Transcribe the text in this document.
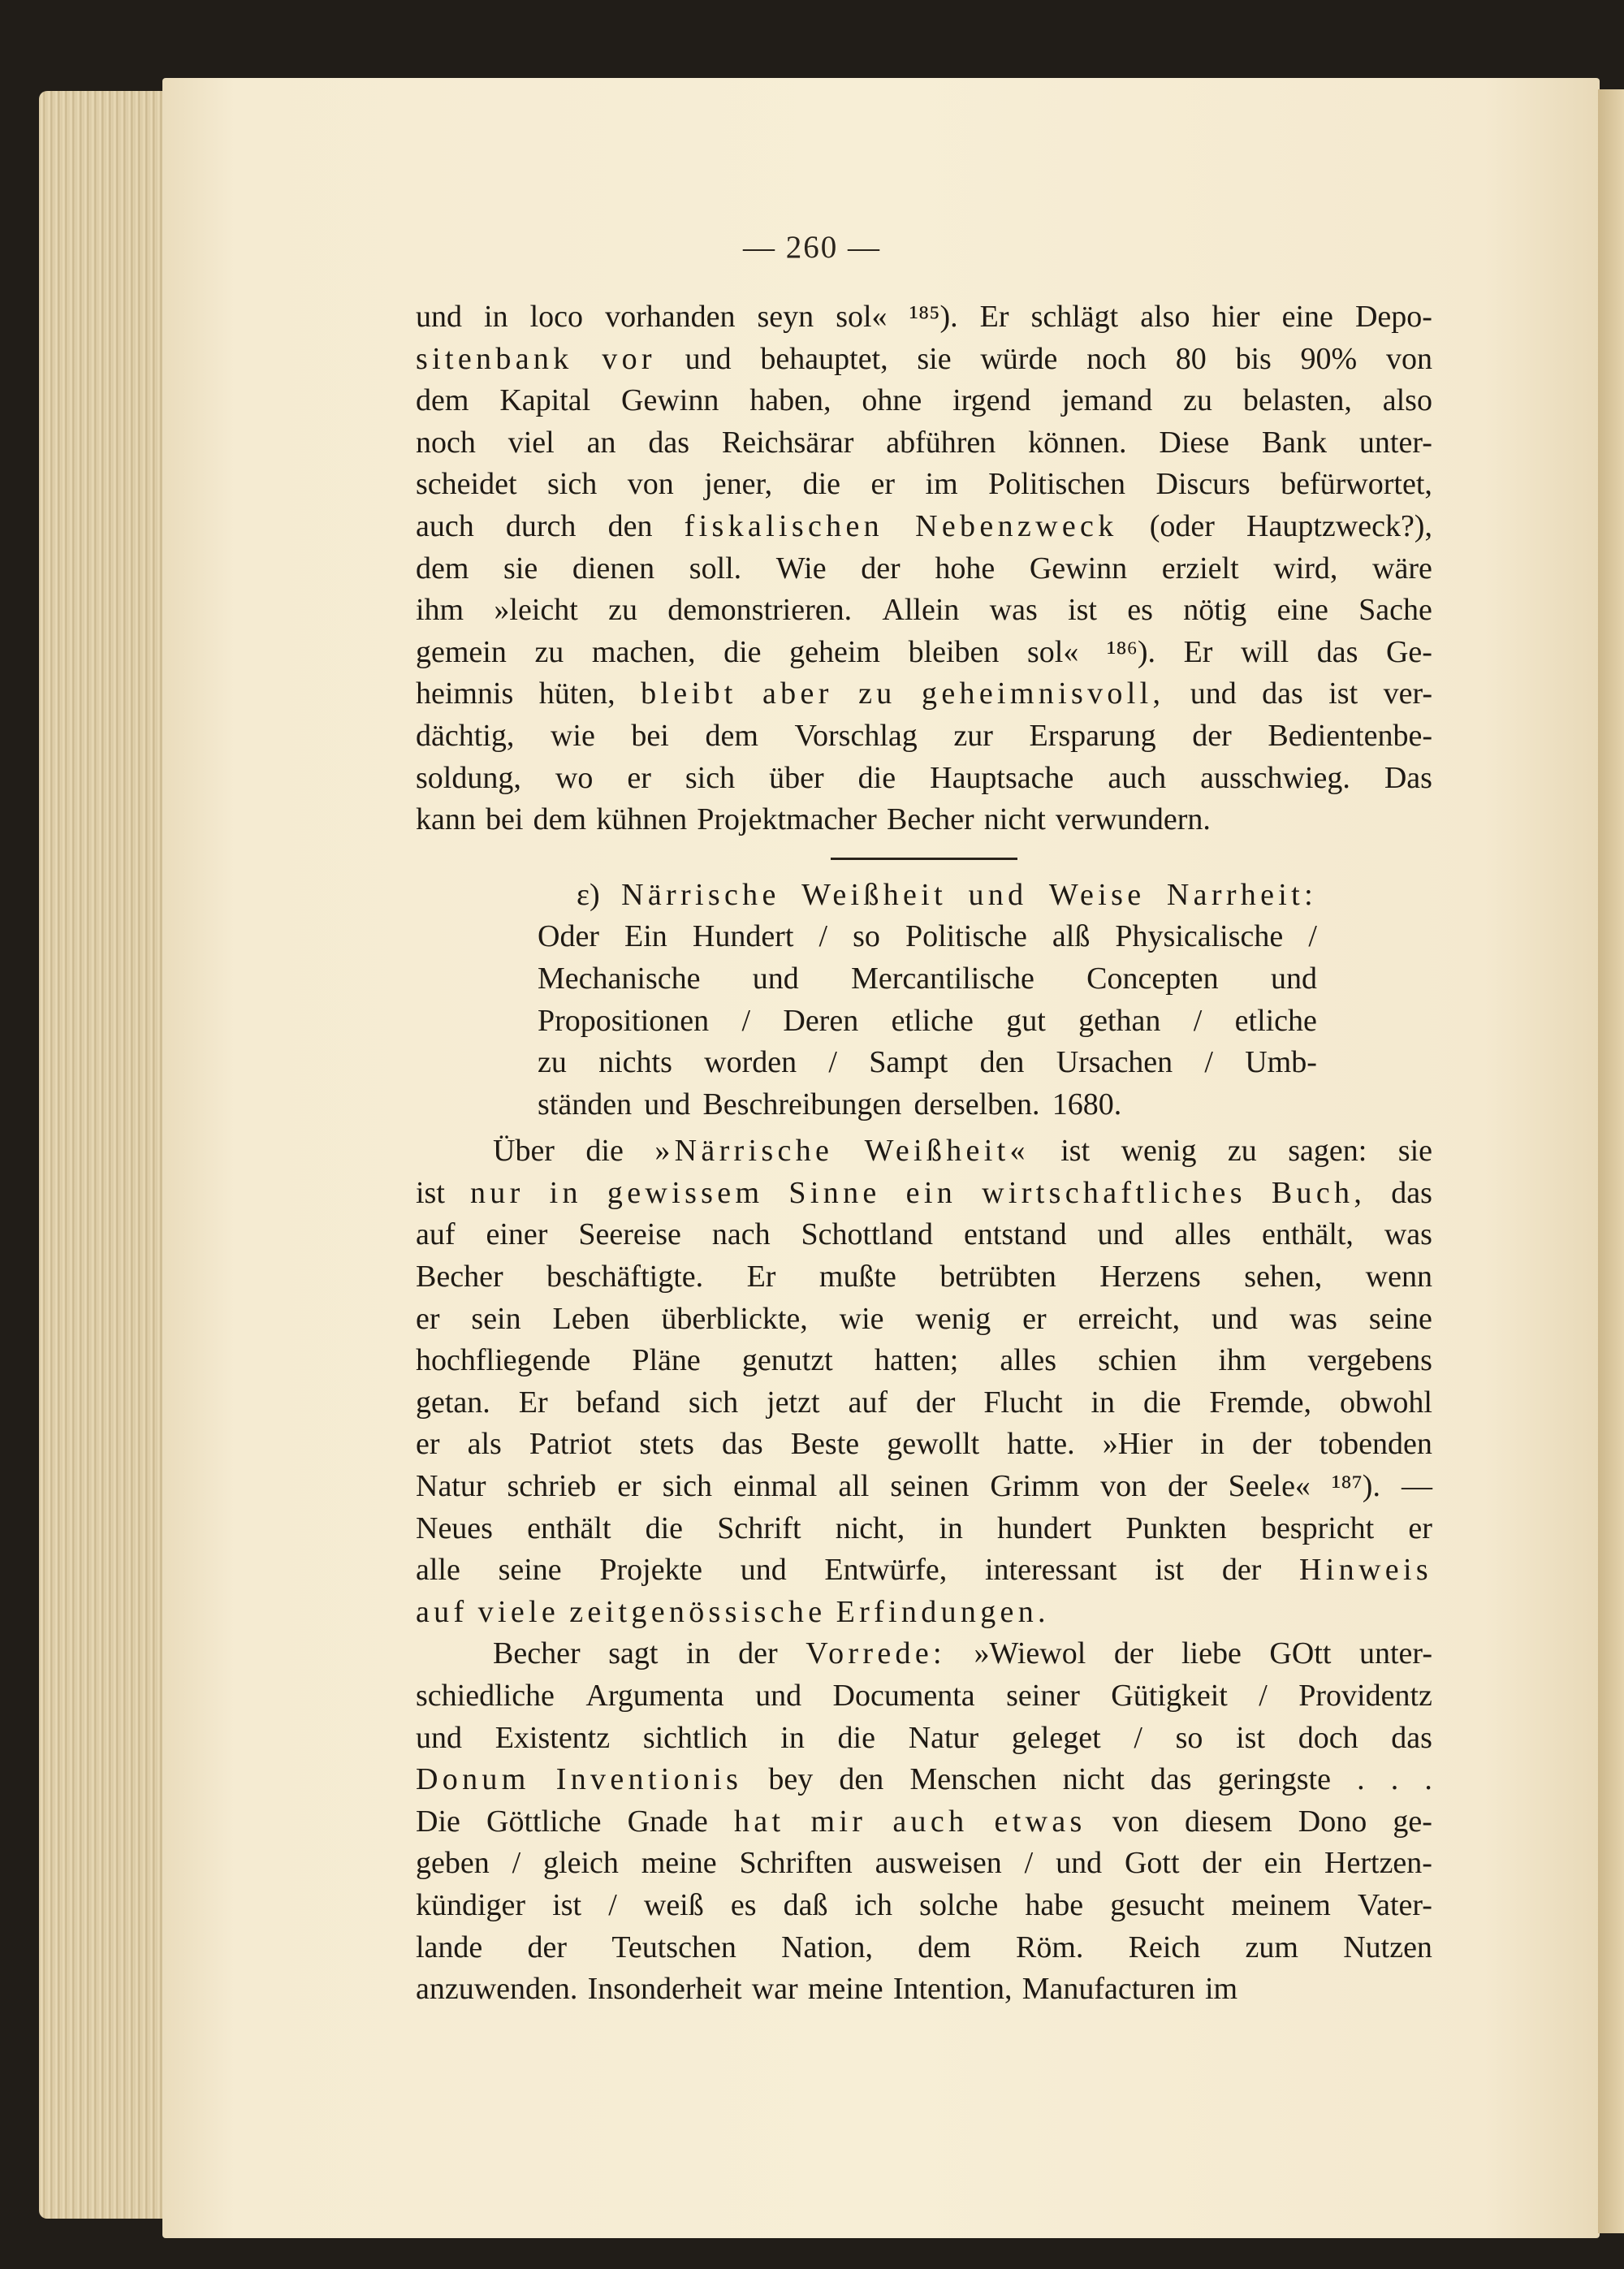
— 260 —
und in loco vorhanden seyn sol« ¹⁸⁵). Er schlägt also hier eine Depo-
sitenbank vor und behauptet, sie würde noch 80 bis 90% von
dem Kapital Gewinn haben, ohne irgend jemand zu belasten, also
noch viel an das Reichsärar abführen können. Diese Bank unter-
scheidet sich von jener, die er im Politischen Discurs befürwortet,
auch durch den fiskalischen Nebenzweck (oder Hauptzweck?),
dem sie dienen soll. Wie der hohe Gewinn erzielt wird, wäre
ihm »leicht zu demonstrieren. Allein was ist es nötig eine Sache
gemein zu machen, die geheim bleiben sol« ¹⁸⁶). Er will das Ge-
heimnis hüten, bleibt aber zu geheimnisvoll, und das ist ver-
dächtig, wie bei dem Vorschlag zur Ersparung der Bedientenbe-
soldung, wo er sich über die Hauptsache auch ausschwieg. Das
kann bei dem kühnen Projektmacher Becher nicht verwundern.
ε) Närrische Weißheit und Weise Narrheit:
Oder Ein Hundert / so Politische alß Physicalische /
Mechanische und Mercantilische Concepten und
Propositionen / Deren etliche gut gethan / etliche
zu nichts worden / Sampt den Ursachen / Umb-
ständen und Beschreibungen derselben. 1680.
Über die »Närrische Weißheit« ist wenig zu sagen: sie
ist nur in gewissem Sinne ein wirtschaftliches Buch, das
auf einer Seereise nach Schottland entstand und alles enthält, was
Becher beschäftigte. Er mußte betrübten Herzens sehen, wenn
er sein Leben überblickte, wie wenig er erreicht, und was seine
hochfliegende Pläne genutzt hatten; alles schien ihm vergebens
getan. Er befand sich jetzt auf der Flucht in die Fremde, obwohl
er als Patriot stets das Beste gewollt hatte. »Hier in der tobenden
Natur schrieb er sich einmal all seinen Grimm von der Seele« ¹⁸⁷). —
Neues enthält die Schrift nicht, in hundert Punkten bespricht er
alle seine Projekte und Entwürfe, interessant ist der Hinweis
auf viele zeitgenössische Erfindungen.
Becher sagt in der Vorrede: »Wiewol der liebe GOtt unter-
schiedliche Argumenta und Documenta seiner Gütigkeit / Providentz
und Existentz sichtlich in die Natur geleget / so ist doch das
Donum Inventionis bey den Menschen nicht das geringste . . .
Die Göttliche Gnade hat mir auch etwas von diesem Dono ge-
geben / gleich meine Schriften ausweisen / und Gott der ein Hertzen-
kündiger ist / weiß es daß ich solche habe gesucht meinem Vater-
lande der Teutschen Nation, dem Röm. Reich zum Nutzen
anzuwenden. Insonderheit war meine Intention, Manufacturen im
